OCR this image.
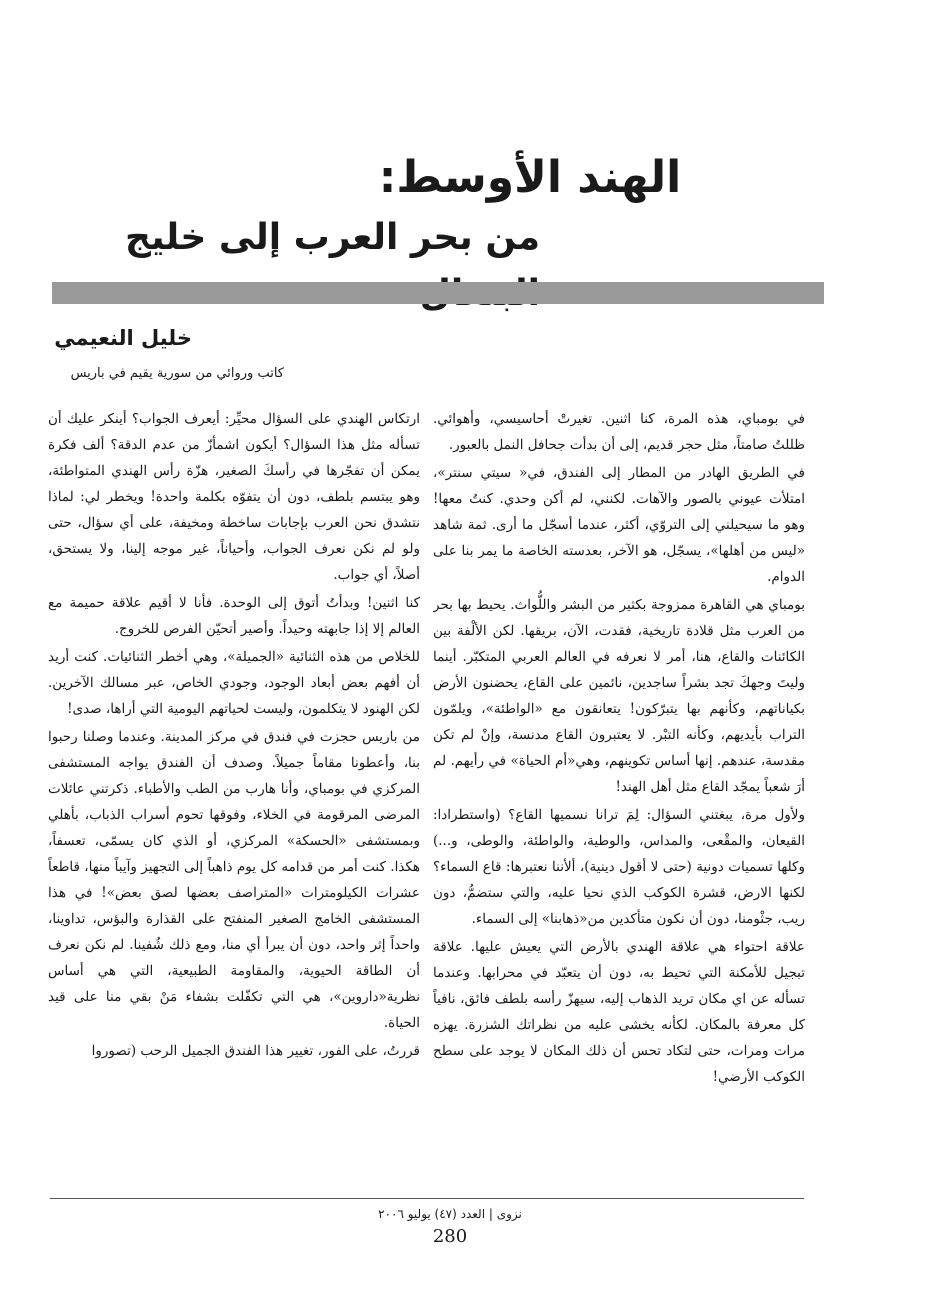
الهند الأوسط:
من بحر العرب إلى خليج
خليل النعيمي
كاتب وروائي من سورية يقيم في باريس

في بومباي، هذه المرة، كنا اثنين. تغيرتْ أحاسيسي، وأهوائي. ظللتُ صامتاً، مثل حجر قديم، إلى أن بدأت جحافل النمل بالعبور.

في الطريق الهادر من المطار إلى الفندق، في« سيتي سنتر»، امتلأت عيوني بالصور والآهات. لكنني، لم أكن وحدي. كنتُ معها! وهو ما سيحيلني إلى التروّي، أكثر، عندما أسجّل ما أرى. ثمة شاهد «ليس من أهلها»، يسجّل، هو الآخر، بعدسته الخاصة ما يمر بنا على الدوام.

بومباي هي القاهرة ممزوجة بكثير من البشر واللُّواث. يحيط بها بحر من العرب مثل قلادة تاريخية، فقدت، الآن، بريقها. لكن الألْفة بين الكائنات والقاع، هنا، أمر لا نعرفه في العالم العربي المتكبّر. أينما وليتَ وجهكَ تجد بشراً ساجدين، نائمين على القاع، يحضنون الأرض بكياناتهم، وكأنهم بها يتبرّكون! يتعانقون مع «الواطئة»، ويلمّون التراب بأيديهم، وكأنه التبْر. لا يعتبرون القاع مدنسة، وإنْ لم تكن مقدسة، عندهم. إنها أساس تكوينهم، وهي«أم الحياة» في رأيهم. لم أرَ شعباً يمجّد القاع مثل أهل الهند!

ولأول مرة، يبغتني السؤال: لِمَ ترانا نسميها القاع؟ (واستطرادا: القيعان، والمقْعى، والمداس، والوطية، والواطئة، والوطى، و...) وكلها تسميات دونية (حتى لا أقول دينية)، ألأننا نعتبرها: قاع السماء؟ لكنها الارض، قشرة الكوكب الذي نحيا عليه، والتي ستضمُّ، دون ريب، جثْومنا، دون أن نكون متأكدين من«ذهابنا» إلى السماء.

علاقة احتواء هي علاقة الهندي بالأرض التي يعيش عليها. علاقة تبجيل للأمكنة التي تحيط به، دون أن يتعبّد في محرابها. وعندما تسأله عن اي مكان تريد الذهاب إليه، سيهزّ رأسه بلطف فائق، نافياً كل معرفة بالمكان. لكأنه يخشى عليه من نظراتك الشزرة. يهزه مرات ومرات، حتى لتكاد تحس أن ذلك المكان لا يوجد على سطح الكوكب الأرضي!

ارتكاس الهندي على السؤال محيِّر: أيعرف الجواب؟ أينكر عليك أن تسأله مثل هذا السؤال؟ أيكون اشمأزّ من عدم الدقة؟ ألف فكرة يمكن أن تفجّرها في رأسكَ الصغير، هزّة رأس الهندي المتواطئة، وهو يبتسم بلطف، دون أن يتفوّه بكلمة واحدة! ويخطر لي: لماذا نتشدق نحن العرب بإجابات ساخطة ومخيفة، على أي سؤال، حتى ولو لم نكن نعرف الجواب، وأحياناً، غير موجه إلينا، ولا يستحق، أصلاً، أي جواب.

كنا اثنين! وبدأتُ أتوق إلى الوحدة. فأنا لا أقيم علاقة حميمة مع العالم إلا إذا جابهته وحيداً. وأصير أتحيّن الفرص للخروج.

للخلاص من هذه الثنائية «الجميلة»، وهي أخطر الثنائيات. كنت أريد أن أفهم بعض أبعاد الوجود، وجودي الخاص، عبر مسالك الآخرين. لكن الهنود لا يتكلمون، وليست لحياتهم اليومية التي أراها، صدى!

من باريس حجزت في فندق في مركز المدينة. وعندما وصلنا رحبوا بنا، وأعطونا مقاماً جميلاً. وصدف أن الفندق يواجه المستشفى المركزي في بومباي، وأنا هارب من الطب والأطباء. ذكرتني عائلات المرضى المرقومة في الخلاء، وفوقها تحوم أسراب الذباب، بأهلي وبمستشفى «الحسكة» المركزي، أو الذي كان يسمّى، تعسفاً، هكذا. كنت أمر من قدامه كل يوم ذاهباً إلى التجهيز وآيباً منها، قاطعاً عشرات الكيلومترات «المتراصف بعضها لصق بعض»! في هذا المستشفى الخامج الصغير المنفتح على القذارة والبؤس، تداوينا، واحداً إثر واحد، دون أن يبرأ أي منا، ومع ذلك شُفينا. لم نكن نعرف أن الطاقة الحيوية، والمقاومة الطبيعية، التي هي أساس نظرية«داروين»، هي التي تكفّلت بشفاء مَنْ بقي منا على قيد الحياة.

قررتُ، على الفور، تغيير هذا الفندق الجميل الرحب (تصوروا

نزوى | العدد (٤٧) يوليو ٢٠٠٦
280
